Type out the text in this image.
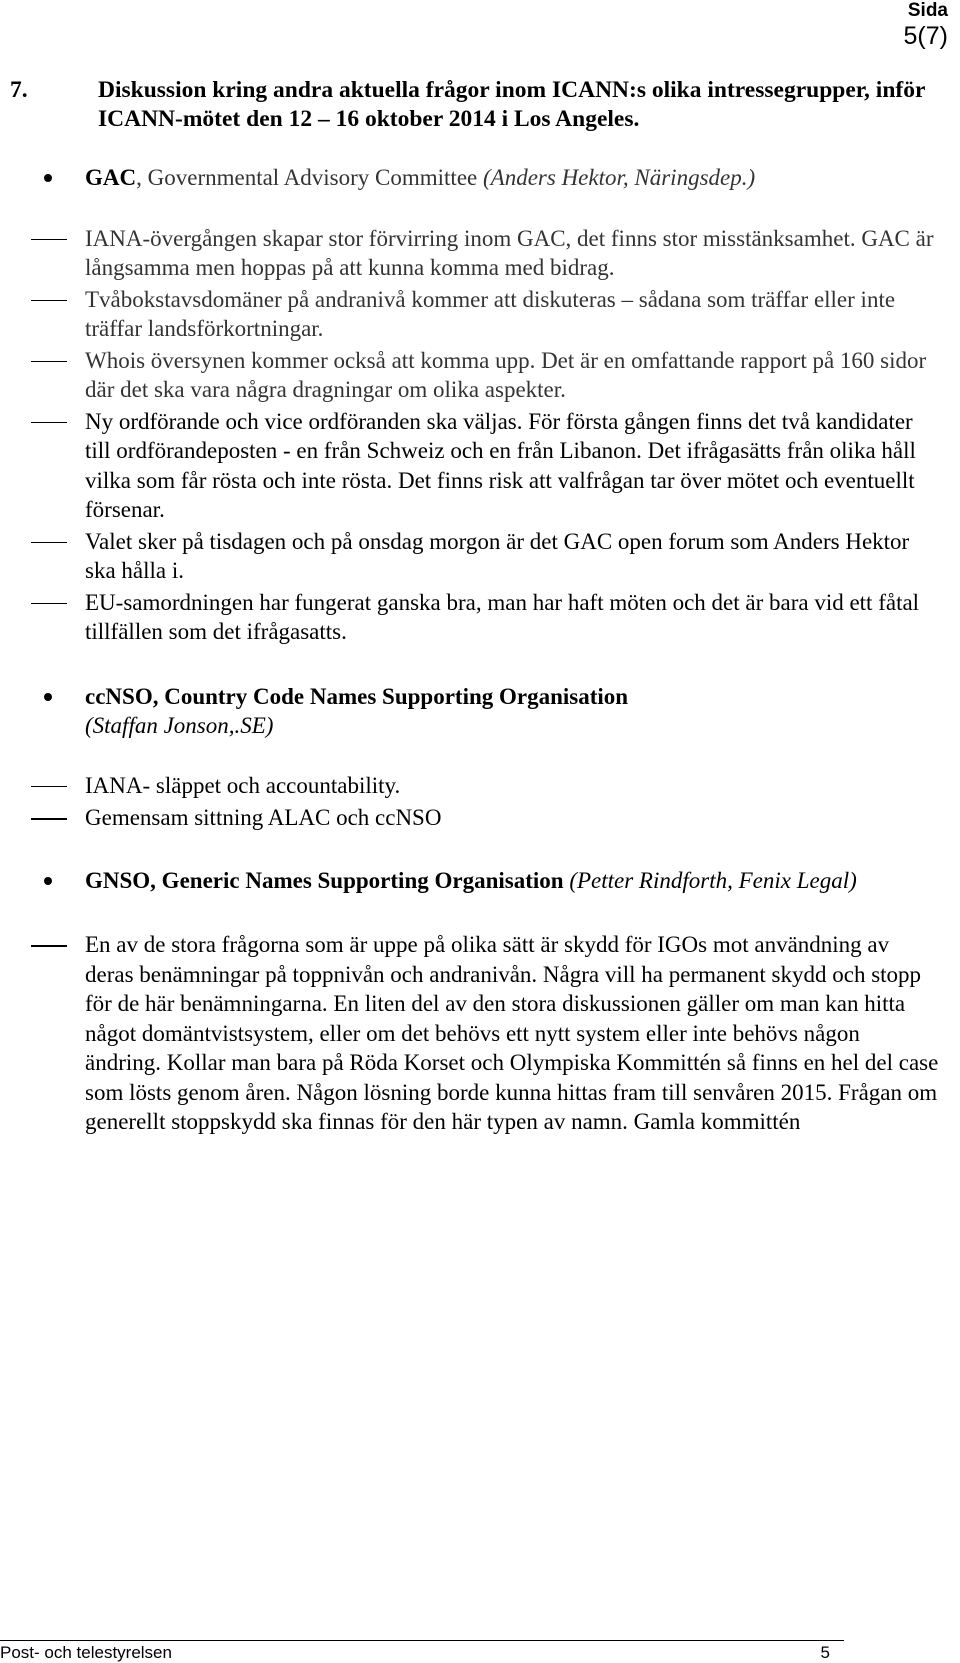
Sida
5(7)
7.	Diskussion kring andra aktuella frågor inom ICANN:s olika intressegrupper, inför ICANN-mötet den 12 – 16 oktober 2014 i Los Angeles.
GAC, Governmental Advisory Committee (Anders Hektor, Näringsdep.)
IANA-övergången skapar stor förvirring inom GAC, det finns stor misstänksamhet. GAC är långsamma men hoppas på att kunna komma med bidrag.
Tvåbokstavsdomäner på andranivå kommer att diskuteras – sådana som träffar eller inte träffar landsförkortningar.
Whois översynen kommer också att komma upp. Det är en omfattande rapport på 160 sidor där det ska vara några dragningar om olika aspekter.
Ny ordförande och vice ordföranden ska väljas. För första gången finns det två kandidater till ordförandeposten - en från Schweiz och en från Libanon. Det ifrågasätts från olika håll vilka som får rösta och inte rösta. Det finns risk att valfrågan tar över mötet och eventuellt försenar.
Valet sker på tisdagen och på onsdag morgon är det GAC open forum som Anders Hektor ska hålla i.
EU-samordningen har fungerat ganska bra, man har haft möten och det är bara vid ett fåtal tillfällen som det ifrågasatts.
ccNSO, Country Code Names Supporting Organisation
(Staffan Jonson,.SE)
IANA- släppet och accountability.
Gemensam sittning ALAC och ccNSO
GNSO, Generic Names Supporting Organisation (Petter Rindforth, Fenix Legal)
En av de stora frågorna som är uppe på olika sätt är skydd för IGOs mot användning av deras benämningar på toppnivån och andranivån. Några vill ha permanent skydd och stopp för de här benämningarna. En liten del av den stora diskussionen gäller om man kan hitta något domäntvistsystem, eller om det behövs ett nytt system eller inte behövs någon ändring. Kollar man bara på Röda Korset och Olympiska Kommittén så finns en hel del case som lösts genom åren. Någon lösning borde kunna hittas fram till senvåren 2015. Frågan om generellt stoppskydd ska finnas för den här typen av namn. Gamla kommittén
Post- och telestyrelsen	5
